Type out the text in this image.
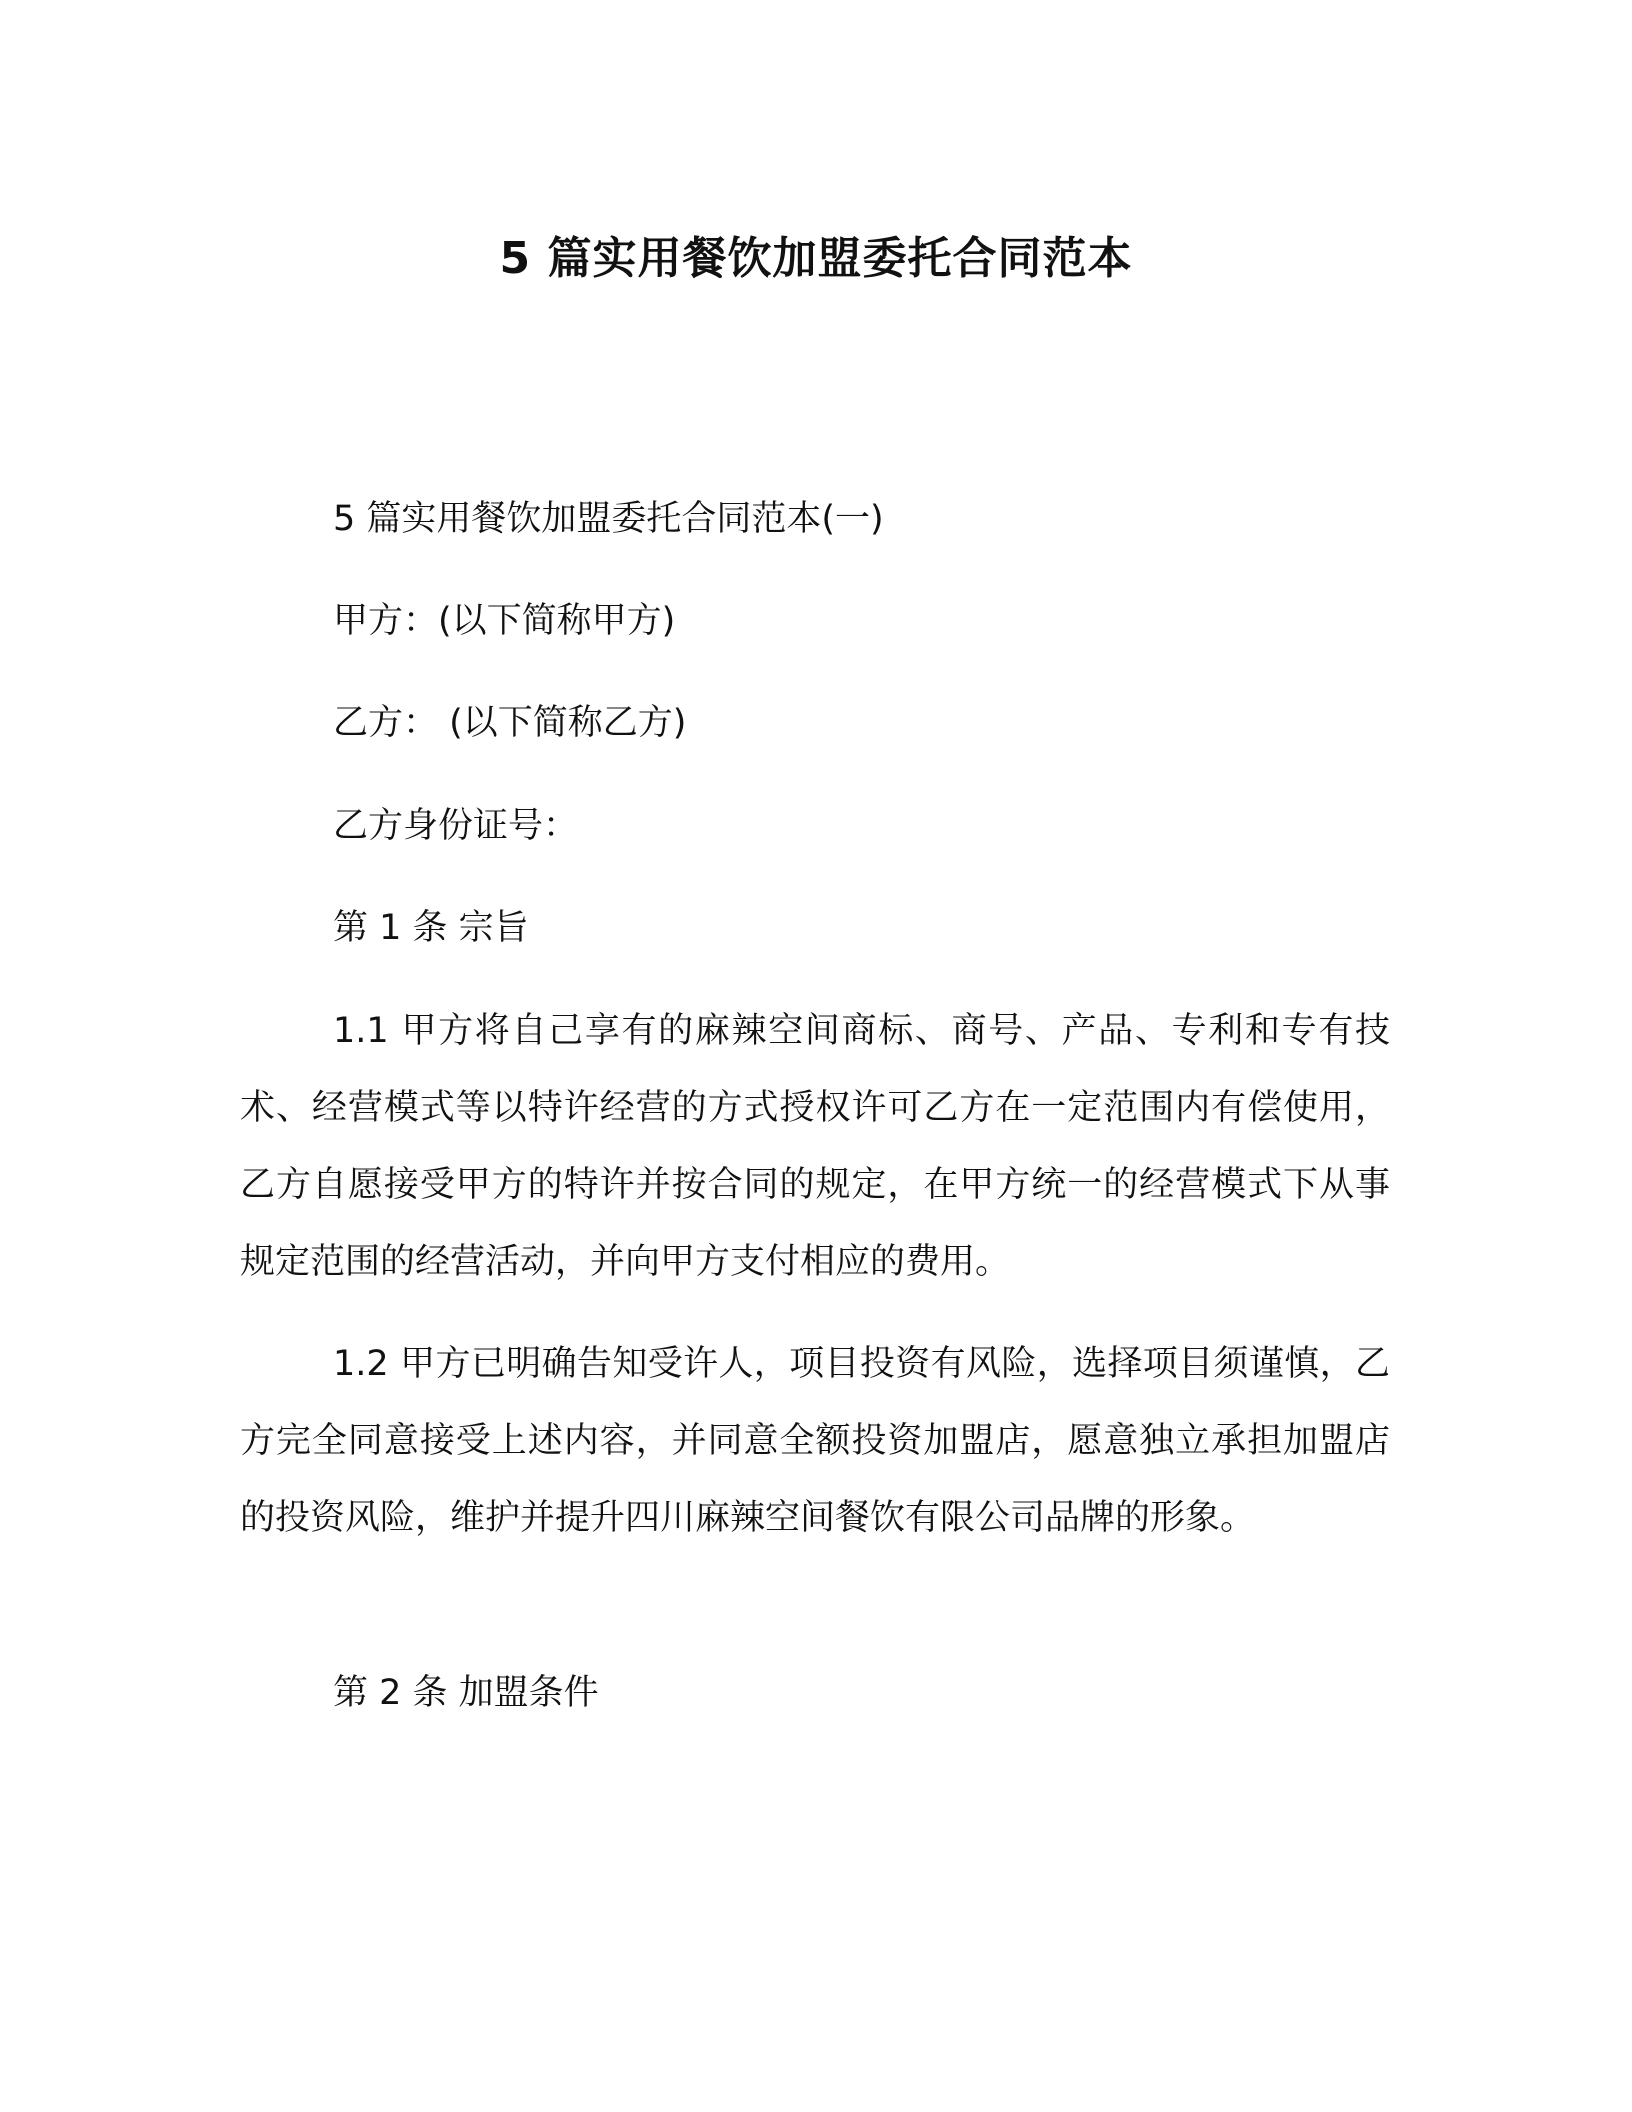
5 篇实用餐饮加盟委托合同范本

5 篇实用餐饮加盟委托合同范本(一)

甲方：(以下简称甲方)

乙方： (以下简称乙方)

乙方身份证号：

第 1 条 宗旨

1.1 甲方将自己享有的麻辣空间商标、商号、产品、专利和专有技术、经营模式等以特许经营的方式授权许可乙方在一定范围内有偿使用，乙方自愿接受甲方的特许并按合同的规定，在甲方统一的经营模式下从事规定范围的经营活动，并向甲方支付相应的费用。

1.2 甲方已明确告知受许人，项目投资有风险，选择项目须谨慎，乙方完全同意接受上述内容，并同意全额投资加盟店，愿意独立承担加盟店的投资风险，维护并提升四川麻辣空间餐饮有限公司品牌的形象。

第 2 条 加盟条件
